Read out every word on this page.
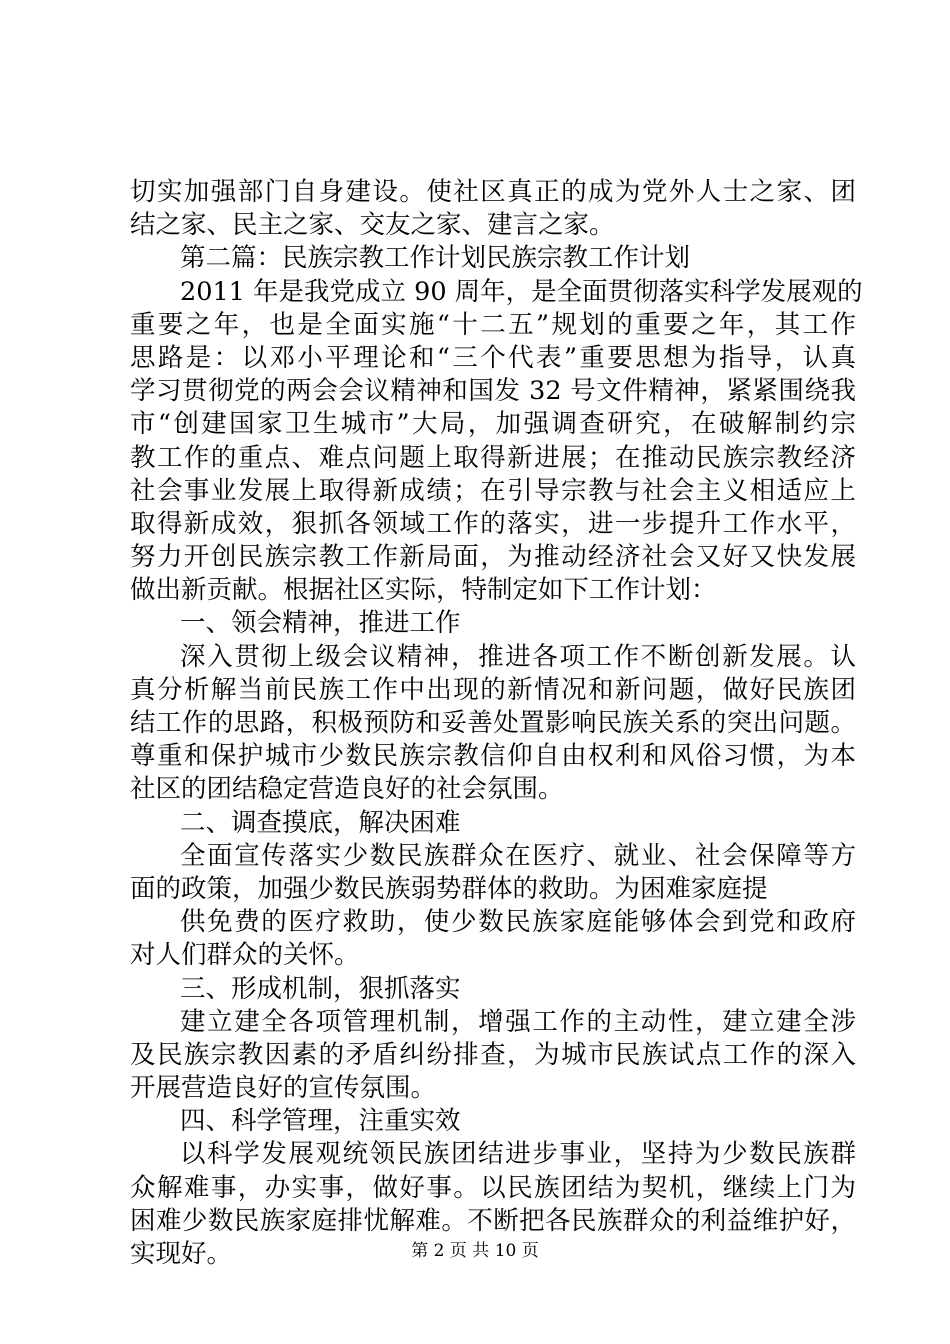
切实加强部门自身建设。使社区真正的成为党外人士之家、团
结之家、民主之家、交友之家、建言之家。
第二篇：民族宗教工作计划民族宗教工作计划
2011 年是我党成立 90 周年，是全面贯彻落实科学发展观的
重要之年，也是全面实施“十二五”规划的重要之年，其工作
思路是：以邓小平理论和“三个代表”重要思想为指导，认真
学习贯彻党的两会会议精神和国发 32 号文件精神，紧紧围绕我
市“创建国家卫生城市”大局，加强调查研究，在破解制约宗
教工作的重点、难点问题上取得新进展；在推动民族宗教经济
社会事业发展上取得新成绩；在引导宗教与社会主义相适应上
取得新成效，狠抓各领域工作的落实，进一步提升工作水平，
努力开创民族宗教工作新局面，为推动经济社会又好又快发展
做出新贡献。根据社区实际，特制定如下工作计划：
一、领会精神，推进工作
深入贯彻上级会议精神，推进各项工作不断创新发展。认
真分析解当前民族工作中出现的新情况和新问题，做好民族团
结工作的思路，积极预防和妥善处置影响民族关系的突出问题。
尊重和保护城市少数民族宗教信仰自由权利和风俗习惯，为本
社区的团结稳定营造良好的社会氛围。
二、调查摸底，解决困难
全面宣传落实少数民族群众在医疗、就业、社会保障等方
面的政策，加强少数民族弱势群体的救助。为困难家庭提
供免费的医疗救助，使少数民族家庭能够体会到党和政府
对人们群众的关怀。
三、形成机制，狠抓落实
建立建全各项管理机制，增强工作的主动性，建立建全涉
及民族宗教因素的矛盾纠纷排查，为城市民族试点工作的深入
开展营造良好的宣传氛围。
四、科学管理，注重实效
以科学发展观统领民族团结进步事业，坚持为少数民族群
众解难事，办实事，做好事。以民族团结为契机，继续上门为
困难少数民族家庭排忧解难。不断把各民族群众的利益维护好，
实现好。	第 2 页 共 10 页
